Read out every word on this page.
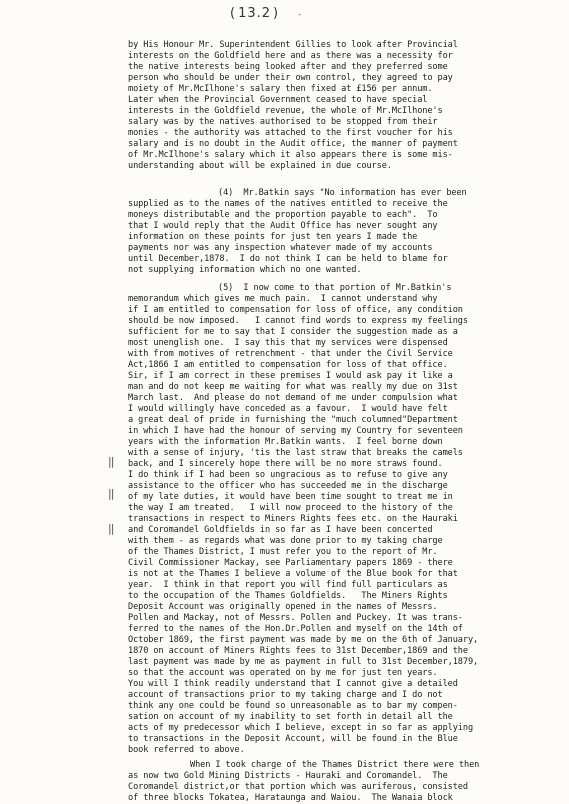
( 13.2 )	-
||
||
||
by His Honour Mr. Superintendent Gillies to look after Provincial
interests on the Goldfield here and as there was a necessity for
the native interests being looked after and they preferred some
person who should be under their own control, they agreed to pay
moiety of Mr.McIlhone's salary then fixed at £156 per annum.
Later when the Provincial Government ceased to have special
interests in the Goldfield revenue, the whole of Mr.McIlhone's
salary was by the natives authorised to be stopped from their
monies - the authority was attached to the first voucher for his
salary and is no doubt in the Audit office, the manner of payment
of Mr.McIlhone's salary which it also appears there is some mis-
understanding about will be explained in due course.
(4)  Mr.Batkin says "No information has ever been
supplied as to the names of the natives entitled to receive the
moneys distributable and the proportion payable to each".  To
that I would reply that the Audit Office has never sought any
information on these points for just ten years I made the
payments nor was any inspection whatever made of my accounts
until December,1878.  I do not think I can be held to blame for
not supplying information which no one wanted.
(5)  I now come to that portion of Mr.Batkin's
memorandum which gives me much pain.  I cannot understand why
if I am entitled to compensation for loss of office, any condition
should be now imposed.   I cannot find words to express my feelings
sufficient for me to say that I consider the suggestion made as a
most unenglish one.  I say this that my services were dispensed
with from motives of retrenchment - that under the Civil Service
Act,1866 I am entitled to compensation for loss of that office.
Sir, if I am correct in these premises I would ask pay it like a
man and do not keep me waiting for what was really my due on 31st
March last.  And please do not demand of me under compulsion what
I would willingly have conceded as a favour.  I would have felt
a great deal of pride in furnishing the "much columned"Department
in which I have had the honour of serving my Country for seventeen
years with the information Mr.Batkin wants.  I feel borne down
with a sense of injury, 'tis the last straw that breaks the camels
back, and I sincerely hope there will be no more straws found.
I do think if I had been so ungracious as to refuse to give any
assistance to the officer who has succeeded me in the discharge
of my late duties, it would have been time sought to treat me in
the way I am treated.   I will now proceed to the history of the
transactions in respect to Miners Rights fees etc. on the Hauraki
and Coromandel Goldfields in so far as I have been concerted
with them - as regards what was done prior to my taking charge
of the Thames District, I must refer you to the report of Mr.
Civil Commissioner Mackay, see Parliamentary papers 1869 - there
is not at the Thames I believe a volume of the Blue book for that
year.  I think in that report you will find full particulars as
to the occupation of the Thames Goldfields.   The Miners Rights
Deposit Account was originally opened in the names of Messrs.
Pollen and Mackay, not of Messrs. Pollen and Puckey. It was trans-
ferred to the names of the Hon.Dr.Pollen and myself on the 14th of
October 1869, the first payment was made by me on the 6th of January,
1870 on account of Miners Rights fees to 31st December,1869 and the
last payment was made by me as payment in full to 31st December,1879,
so that the account was operated on by me for just ten years.
You will I think readily understand that I cannot give a detailed
account of transactions prior to my taking charge and I do not
think any one could be found so unreasonable as to bar my compen-
sation on account of my inability to set forth in detail all the
acts of my predecessor which I believe, except in so far as applying
to transactions in the Deposit Account, will be found in the Blue
book referred to above.
When I took charge of the Thames District there were then
as now two Gold Mining Districts - Hauraki and Coromandel.  The
Coromandel district,or that portion which was auriferous, consisted
of three blocks Tokatea, Harataunga and Waiou.  The Wanaia block
